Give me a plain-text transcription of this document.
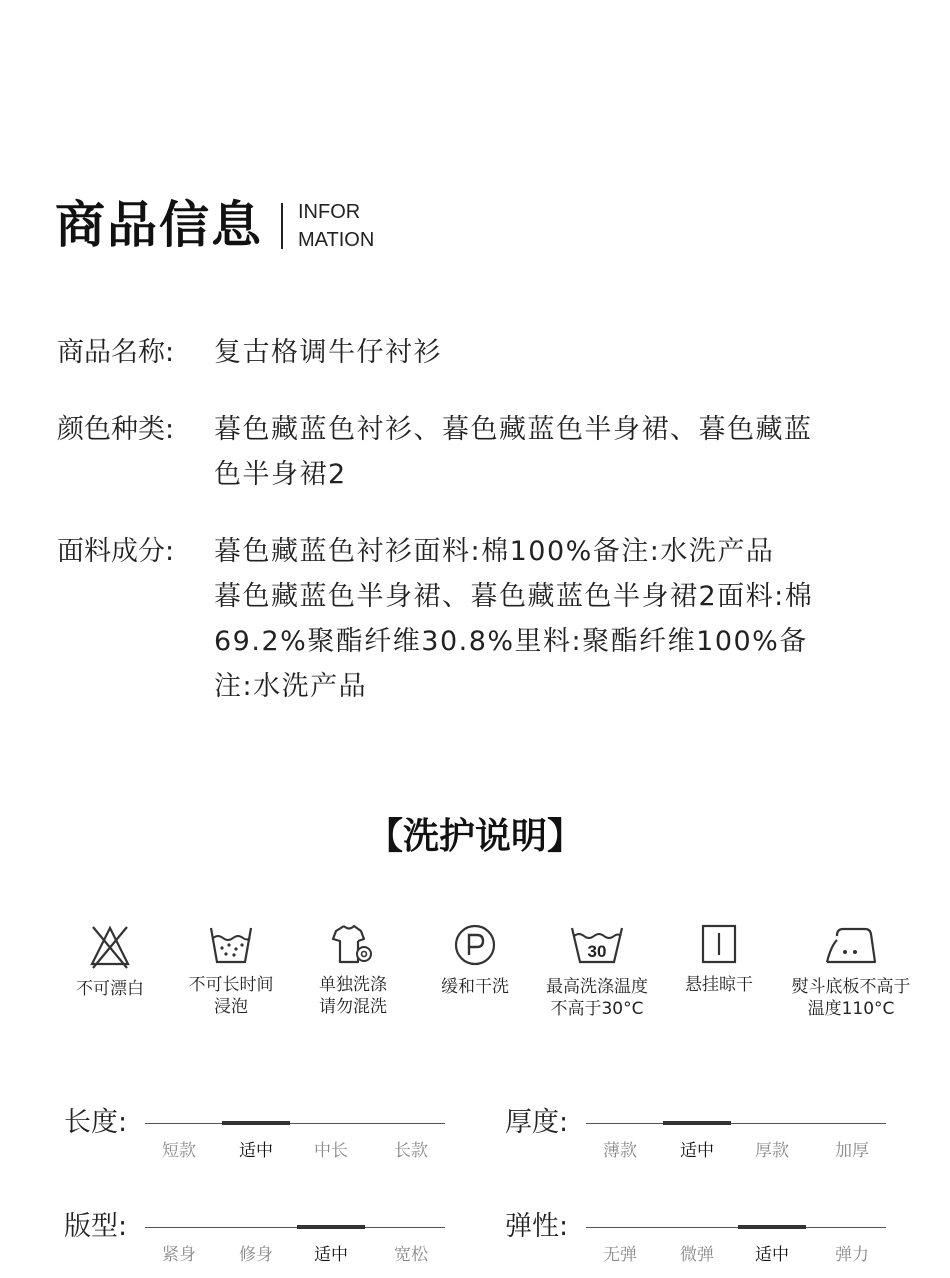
商品信息 INFOR
MATION
商品名称:	复古格调牛仔衬衫
颜色种类:	暮色藏蓝色衬衫、暮色藏蓝色半身裙、暮色藏蓝
色半身裙2
面料成分:	暮色藏蓝色衬衫面料:棉100%备注:水洗产品
暮色藏蓝色半身裙、暮色藏蓝色半身裙2面料:棉
69.2%聚酯纤维30.8%里料:聚酯纤维100%备
注:水洗产品
【洗护说明】
不可漂白	不可长时间
浸泡
单独洗涤
请勿混洗
缓和干洗
30
最高洗涤温度
不高于30°C
悬挂晾干	熨斗底板不高于
温度110°C
长度:
短款	适中	中长	长款
厚度:
薄款	适中	厚款	加厚
版型:
紧身	修身	适中	宽松
弹性:
无弹	微弹	适中	弹力
